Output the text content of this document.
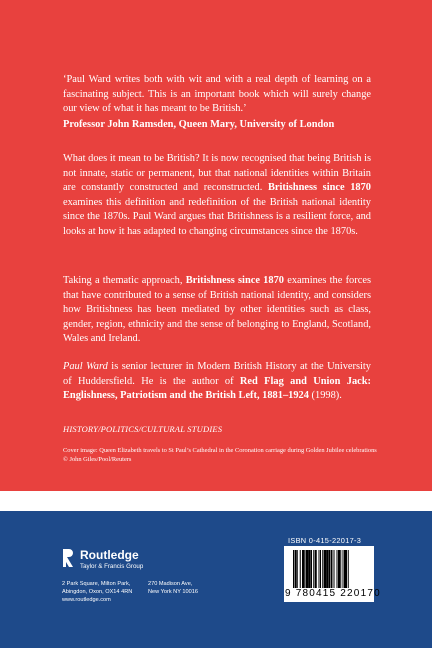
‘Paul Ward writes both with wit and with a real depth of learning on a fascinating subject. This is an important book which will surely change our view of what it has meant to be British.’

Professor John Ramsden, Queen Mary, University of London

What does it mean to be British? It is now recognised that being British is not innate, static or permanent, but that national identities within Britain are constantly constructed and reconstructed. Britishness since 1870 examines this definition and redefinition of the British national identity since the 1870s. Paul Ward argues that Britishness is a resilient force, and looks at how it has adapted to changing circumstances since the 1870s.

Taking a thematic approach, Britishness since 1870 examines the forces that have contributed to a sense of British national identity, and considers how Britishness has been mediated by other identities such as class, gender, region, ethnicity and the sense of belonging to England, Scotland, Wales and Ireland.

Paul Ward is senior lecturer in Modern British History at the University of Huddersfield. He is the author of Red Flag and Union Jack: Englishness, Patriotism and the British Left, 1881–1924 (1998).

HISTORY/POLITICS/CULTURAL STUDIES

Cover image: Queen Elizabeth travels to St Paul’s Cathedral in the Coronation carriage during Golden Jubilee celebrations © John Giles/Pool/Reuters

Routledge
Taylor & Francis Group
2 Park Square, Milton Park,
Abingdon, Oxon, OX14 4RN
www.routledge.com
270 Madison Ave,
New York NY 10016
ISBN 0-415-22017-3
9 780415 220170
